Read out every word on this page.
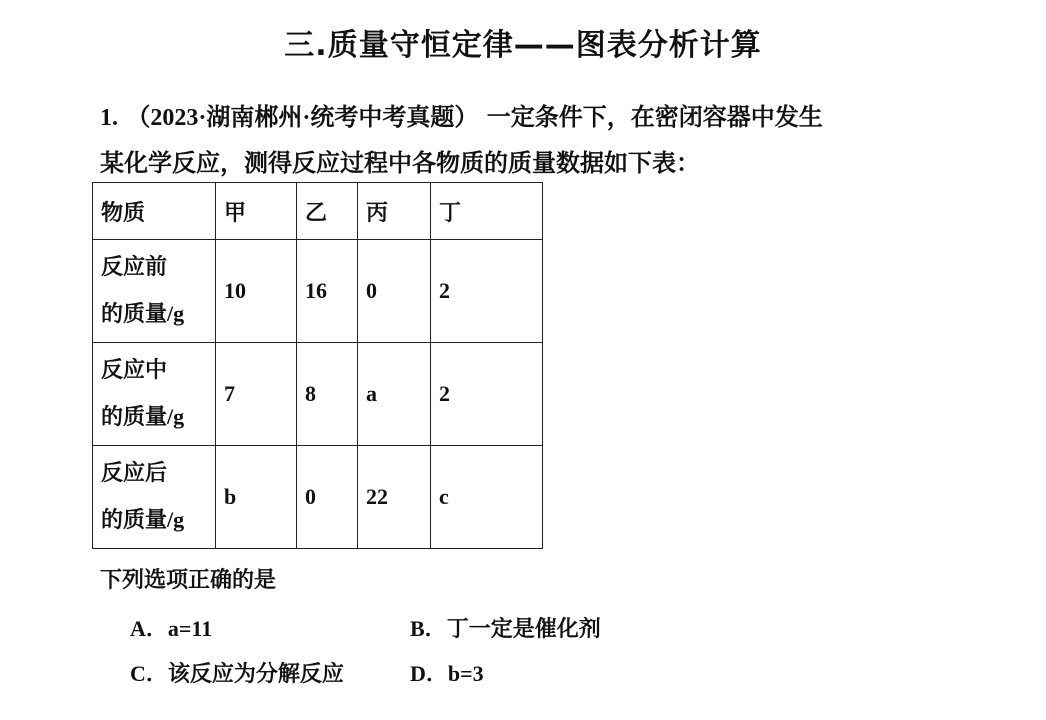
三.质量守恒定律——图表分析计算
1. （2023·湖南郴州·统考中考真题） 一定条件下，在密闭容器中发生
某化学反应，测得反应过程中各物质的质量数据如下表：
物质	甲	乙	丙	丁

反应前
的质量/g	10	16	0	2

反应中
的质量/g	7	8	a	2

反应后
的质量/g	b	0	22	c
下列选项正确的是
A．a=11	B．丁一定是催化剂
C．该反应为分解反应	D．b=3
